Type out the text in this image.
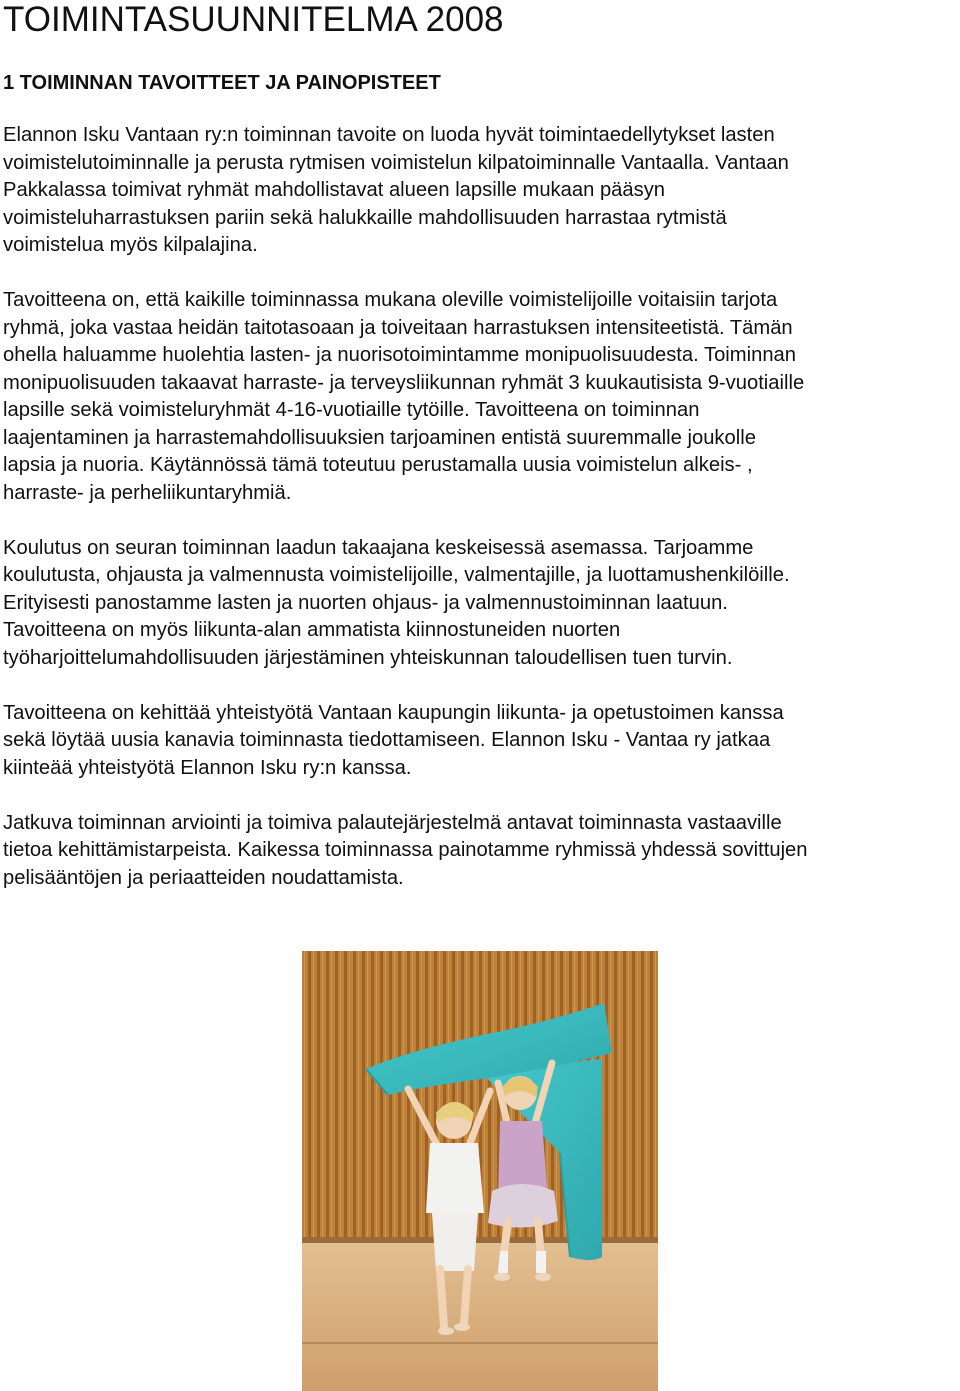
TOIMINTASUUNNITELMA 2008
1 TOIMINNAN TAVOITTEET JA PAINOPISTEET

Elannon Isku Vantaan ry:n toiminnan tavoite on luoda hyvät toimintaedellytykset lasten
voimistelutoiminnalle ja perusta rytmisen voimistelun kilpatoiminnalle Vantaalla. Vantaan
Pakkalassa toimivat ryhmät mahdollistavat alueen lapsille mukaan pääsyn
voimisteluharrastuksen pariin sekä halukkaille mahdollisuuden harrastaa rytmistä
voimistelua myös kilpalajina.

Tavoitteena on, että kaikille toiminnassa mukana oleville voimistelijoille voitaisiin tarjota
ryhmä, joka vastaa heidän taitotasoaan ja toiveitaan harrastuksen intensiteetistä. Tämän
ohella haluamme huolehtia lasten- ja nuorisotoimintamme monipuolisuudesta. Toiminnan
monipuolisuuden takaavat harraste- ja terveysliikunnan ryhmät 3 kuukautisista 9-vuotiaille
lapsille sekä voimisteluryhmät 4-16-vuotiaille tytöille. Tavoitteena on toiminnan
laajentaminen ja harrastemahdollisuuksien tarjoaminen entistä suuremmalle joukolle
lapsia ja nuoria. Käytännössä tämä toteutuu perustamalla uusia voimistelun alkeis- ,
harraste- ja perheliikuntaryhmiä.

Koulutus on seuran toiminnan laadun takaajana keskeisessä asemassa. Tarjoamme
koulutusta, ohjausta ja valmennusta voimistelijoille, valmentajille, ja luottamushenkilöille.
Erityisesti panostamme lasten ja nuorten ohjaus- ja valmennustoiminnan laatuun.
Tavoitteena on myös liikunta-alan ammatista kiinnostuneiden nuorten
työharjoittelumahdollisuuden järjestäminen yhteiskunnan taloudellisen tuen turvin.

Tavoitteena on kehittää yhteistyötä Vantaan kaupungin liikunta- ja opetustoimen kanssa
sekä löytää uusia kanavia toiminnasta tiedottamiseen. Elannon Isku - Vantaa ry jatkaa
kiinteää yhteistyötä Elannon Isku ry:n kanssa.

Jatkuva toiminnan arviointi ja toimiva palautejärjestelmä antavat toiminnasta vastaaville
tietoa kehittämistarpeista. Kaikessa toiminnassa painotamme ryhmissä yhdessä sovittujen
pelisääntöjen ja periaatteiden noudattamista.
